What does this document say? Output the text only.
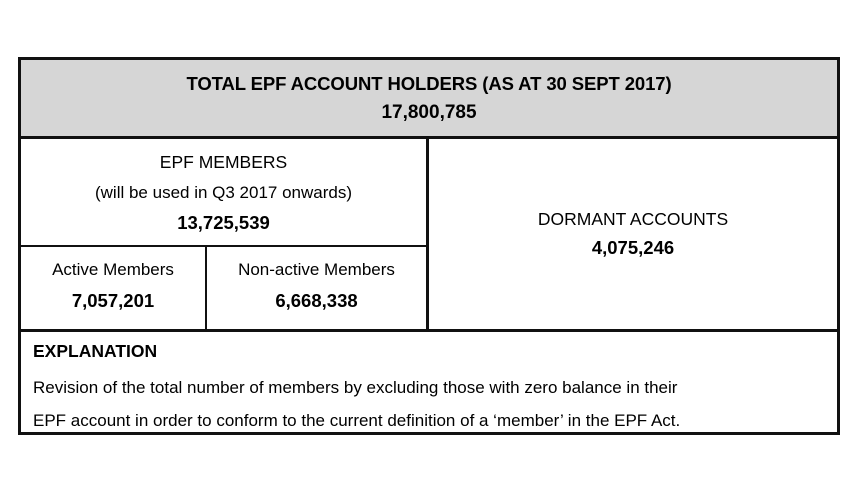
TOTAL EPF ACCOUNT HOLDERS (AS AT 30 SEPT 2017)
17,800,785
EPF MEMBERS
(will be used in Q3 2017 onwards)
13,725,539
Active Members
7,057,201
Non-active Members
6,668,338
DORMANT ACCOUNTS
4,075,246
EXPLANATION
Revision of the total number of members by excluding those with zero balance in their
EPF account in order to conform to the current definition of a ‘member’ in the EPF Act.
